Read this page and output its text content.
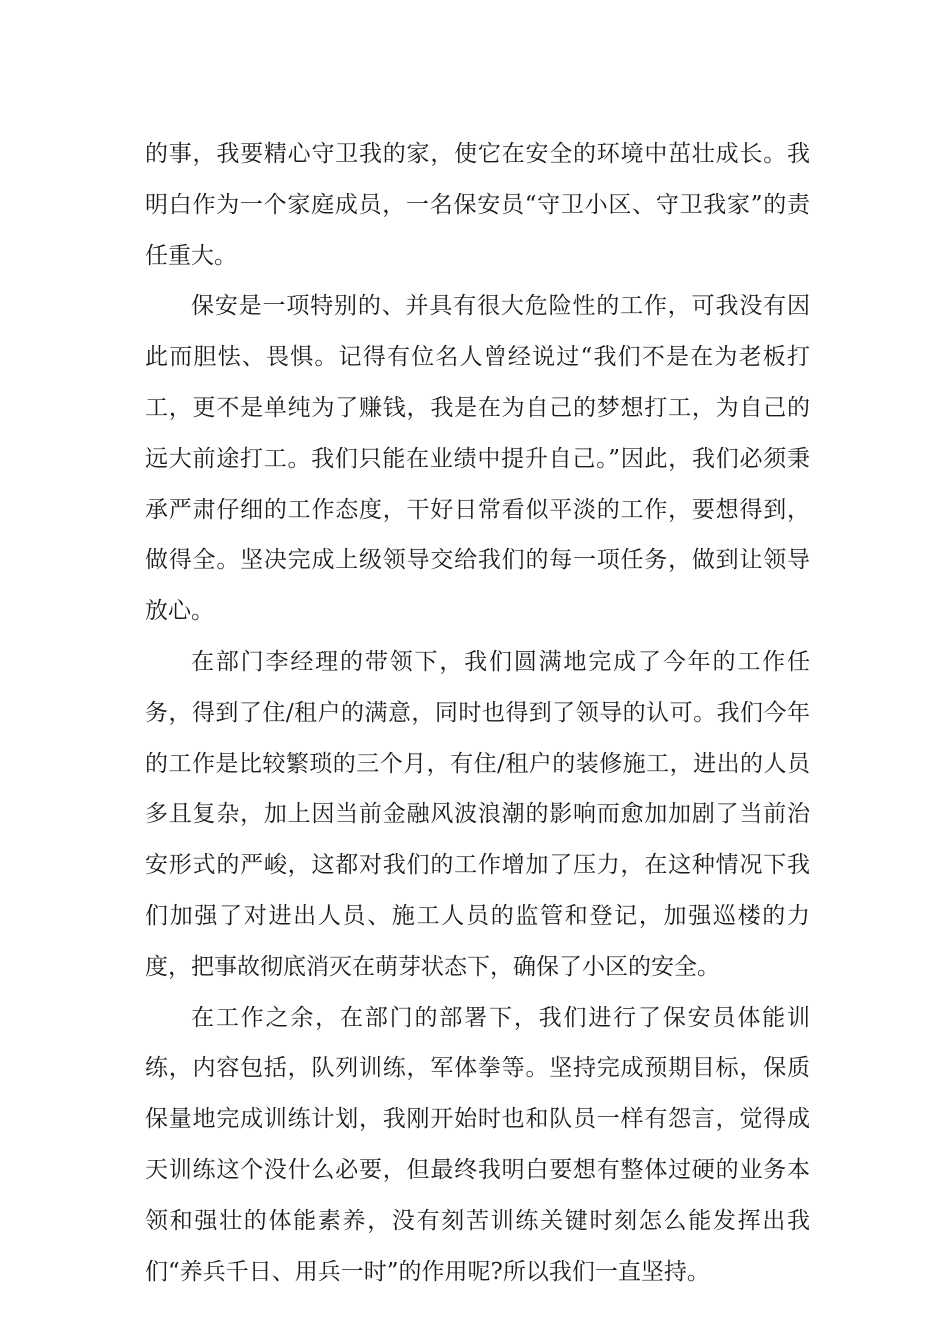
的事，我要精心守卫我的家，使它在安全的环境中茁壮成长。我明白作为一个家庭成员，一名保安员“守卫小区、守卫我家”的责任重大。

保安是一项特别的、并具有很大危险性的工作，可我没有因此而胆怯、畏惧。记得有位名人曾经说过“我们不是在为老板打工，更不是单纯为了赚钱，我是在为自己的梦想打工，为自己的远大前途打工。我们只能在业绩中提升自己。”因此，我们必须秉承严肃仔细的工作态度，干好日常看似平淡的工作，要想得到，做得全。坚决完成上级领导交给我们的每一项任务，做到让领导放心。

在部门李经理的带领下，我们圆满地完成了今年的工作任务，得到了住/租户的满意，同时也得到了领导的认可。我们今年的工作是比较繁琐的三个月，有住/租户的装修施工，进出的人员多且复杂，加上因当前金融风波浪潮的影响而愈加加剧了当前治安形式的严峻，这都对我们的工作增加了压力，在这种情况下我们加强了对进出人员、施工人员的监管和登记，加强巡楼的力度，把事故彻底消灭在萌芽状态下，确保了小区的安全。

在工作之余，在部门的部署下，我们进行了保安员体能训练，内容包括，队列训练，军体拳等。坚持完成预期目标，保质保量地完成训练计划，我刚开始时也和队员一样有怨言，觉得成天训练这个没什么必要，但最终我明白要想有整体过硬的业务本领和强壮的体能素养，没有刻苦训练关键时刻怎么能发挥出我们“养兵千日、用兵一时”的作用呢?所以我们一直坚持。
